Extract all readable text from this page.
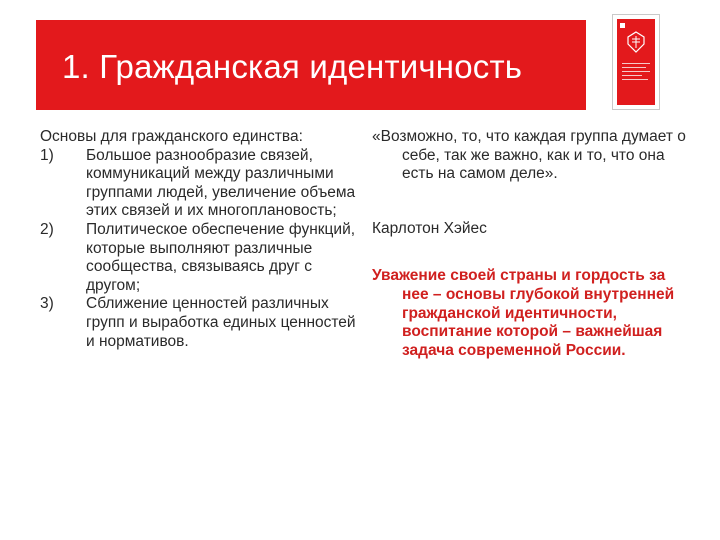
1. Гражданская идентичность

Основы для гражданского единства:

1) Большое разнообразие связей, коммуникаций между различными группами людей, увеличение объема этих связей и их многоплановость;
2) Политическое обеспечение функций, которые выполняют различные сообщества, связываясь друг с другом;
3) Сближение ценностей различных групп и выработка единых ценностей и нормативов.

«Возможно, то, что каждая группа думает о себе, так же важно, как и то, что она есть на самом деле».

Карлотон Хэйес

Уважение своей страны и гордость за нее – основы глубокой внутренней гражданской идентичности, воспитание которой – важнейшая задача современной России.
